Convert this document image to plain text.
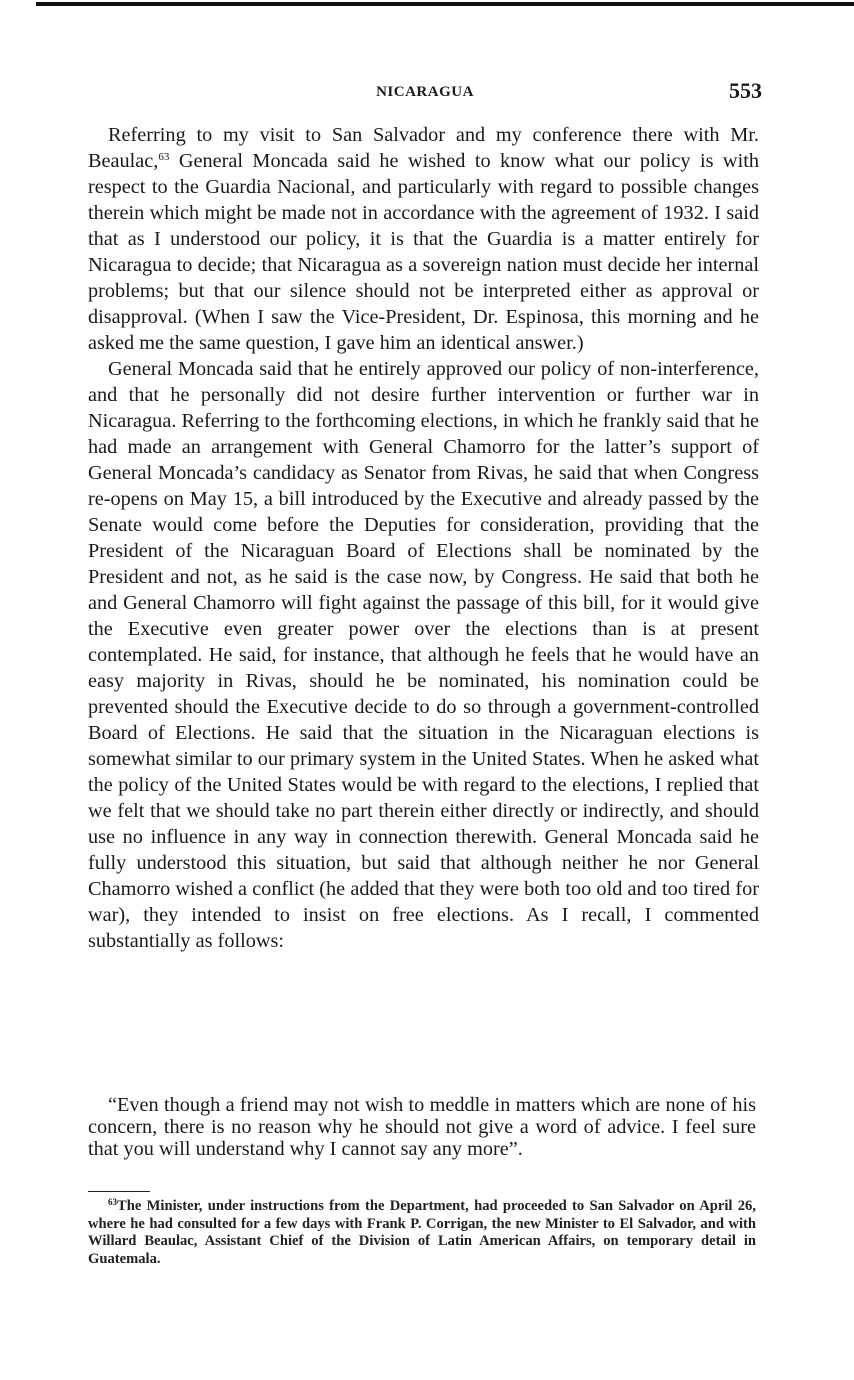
NICARAGUA	553

Referring to my visit to San Salvador and my conference there with Mr. Beaulac,$^{63}$ General Moncada said he wished to know what our policy is with respect to the Guardia Nacional, and particularly with regard to possible changes therein which might be made not in accordance with the agreement of 1932. I said that as I understood our policy, it is that the Guardia is a matter entirely for Nicaragua to decide; that Nicaragua as a sovereign nation must decide her internal problems; but that our silence should not be interpreted either as approval or disapproval. (When I saw the Vice-President, Dr. Espinosa, this morning and he asked me the same question, I gave him an identical answer.)

General Moncada said that he entirely approved our policy of non-interference, and that he personally did not desire further intervention or further war in Nicaragua. Referring to the forthcoming elections, in which he frankly said that he had made an arrangement with General Chamorro for the latter’s support of General Moncada’s candidacy as Senator from Rivas, he said that when Congress re-opens on May 15, a bill introduced by the Executive and already passed by the Senate would come before the Deputies for consideration, providing that the President of the Nicaraguan Board of Elections shall be nominated by the President and not, as he said is the case now, by Congress. He said that both he and General Chamorro will fight against the passage of this bill, for it would give the Executive even greater power over the elections than is at present contemplated. He said, for instance, that although he feels that he would have an easy majority in Rivas, should he be nominated, his nomination could be prevented should the Executive decide to do so through a government-controlled Board of Elections. He said that the situation in the Nicaraguan elections is somewhat similar to our primary system in the United States. When he asked what the policy of the United States would be with regard to the elections, I replied that we felt that we should take no part therein either directly or indirectly, and should use no influence in any way in connection therewith. General Moncada said he fully understood this situation, but said that although neither he nor General Chamorro wished a conflict (he added that they were both too old and too tired for war), they intended to insist on free elections. As I recall, I commented substantially as follows:

“Even though a friend may not wish to meddle in matters which are none of his concern, there is no reason why he should not give a word of advice. I feel sure that you will understand why I cannot say any more”.

$^{63}$The Minister, under instructions from the Department, had proceeded to San Salvador on April 26, where he had consulted for a few days with Frank P. Corrigan, the new Minister to El Salvador, and with Willard Beaulac, Assistant Chief of the Division of Latin American Affairs, on temporary detail in Guatemala.
